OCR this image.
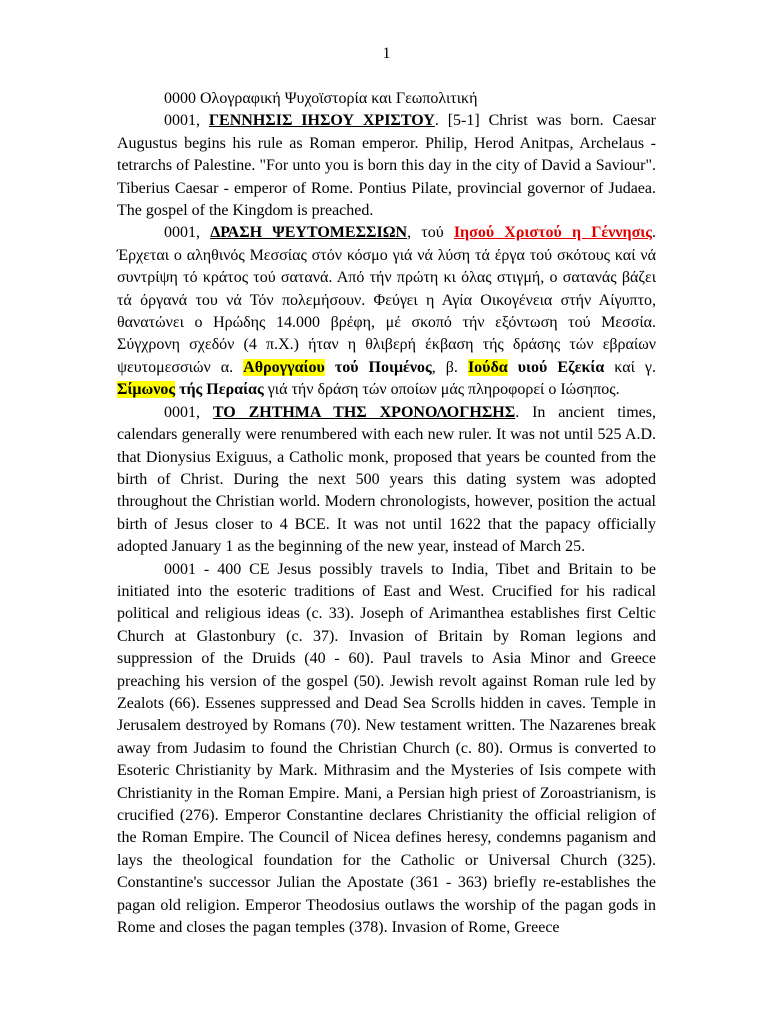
1

0000 Ολογραφική Ψυχοϊστορία και Γεωπολιτική

0001, ΓΕΝΝΗΣΙΣ ΙΗΣΟΥ ΧΡΙΣΤΟΥ. [5-1] Christ was born. Caesar Augustus begins his rule as Roman emperor. Philip, Herod Anitpas, Archelaus - tetrarchs of Palestine. "For unto you is born this day in the city of David a Saviour". Tiberius Caesar - emperor of Rome. Pontius Pilate, provincial governor of Judaea. The gospel of the Kingdom is preached.

0001, ΔΡΑΣΗ ΨΕΥΤΟΜΕΣΣΙΩΝ, τού Ιησού Χριστού η Γέννησις. Έρχεται ο αληθινός Μεσσίας στόν κόσμο γιά νά λύση τά έργα τού σκότους καί νά συντρίψη τό κράτος τού σατανά. Από τήν πρώτη κι όλας στιγμή, ο σατανάς βάζει τά όργανά του νά Τόν πολεμήσουν. Φεύγει η Αγία Οικογένεια στήν Αίγυπτο, θανατώνει ο Ηρώδης 14.000 βρέφη, μέ σκοπό τήν εξόντωση τού Μεσσία. Σύγχρονη σχεδόν (4 π.Χ.) ήταν η θλιβερή έκβαση τής δράσης τών εβραίων ψευτομεσσιών α. Αθρογγαίου τού Ποιμένος, β. Ιούδα υιού Εζεκία καί γ. Σίμωνος τής Περαίας γιά τήν δράση τών οποίων μάς πληροφορεί ο Ιώσηπος.

0001, ΤΟ ΖΗΤΗΜΑ ΤΗΣ ΧΡΟΝΟΛΟΓΗΣΗΣ. In ancient times, calendars generally were renumbered with each new ruler. It was not until 525 A.D. that Dionysius Exiguus, a Catholic monk, proposed that years be counted from the birth of Christ. During the next 500 years this dating system was adopted throughout the Christian world. Modern chronologists, however, position the actual birth of Jesus closer to 4 BCE. It was not until 1622 that the papacy officially adopted January 1 as the beginning of the new year, instead of March 25.

0001 - 400 CE Jesus possibly travels to India, Tibet and Britain to be initiated into the esoteric traditions of East and West. Crucified for his radical political and religious ideas (c. 33). Joseph of Arimanthea establishes first Celtic Church at Glastonbury (c. 37). Invasion of Britain by Roman legions and suppression of the Druids (40 - 60). Paul travels to Asia Minor and Greece preaching his version of the gospel (50). Jewish revolt against Roman rule led by Zealots (66). Essenes suppressed and Dead Sea Scrolls hidden in caves. Temple in Jerusalem destroyed by Romans (70). New testament written. The Nazarenes break away from Judasim to found the Christian Church (c. 80). Ormus is converted to Esoteric Christianity by Mark. Mithrasim and the Mysteries of Isis compete with Christianity in the Roman Empire. Mani, a Persian high priest of Zoroastrianism, is crucified (276). Emperor Constantine declares Christianity the official religion of the Roman Empire. The Council of Nicea defines heresy, condemns paganism and lays the theological foundation for the Catholic or Universal Church (325). Constantine's successor Julian the Apostate (361 - 363) briefly re-establishes the pagan old religion. Emperor Theodosius outlaws the worship of the pagan gods in Rome and closes the pagan temples (378). Invasion of Rome, Greece
